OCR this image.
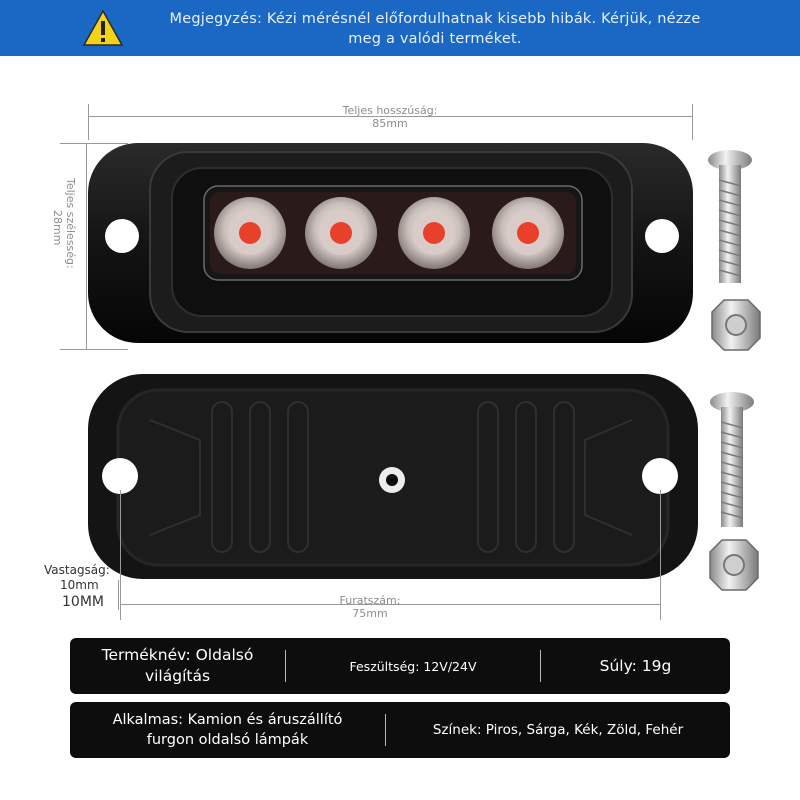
Megjegyzés: Kézi mérésnél előfordulhatnak kisebb hibák. Kérjük, nézze
meg a valódi terméket.
Teljes hosszúság:
85mm
Teljes szélesség:
28mm
Vastagság:
10mm
10MM	Furatszám:
75mm
Terméknév: Oldalsó
világítás
Feszültség: 12V/24V	Súly: 19g
Alkalmas: Kamion és áruszállító
furgon oldalsó lámpák
Színek: Piros, Sárga, Kék, Zöld, Fehér
